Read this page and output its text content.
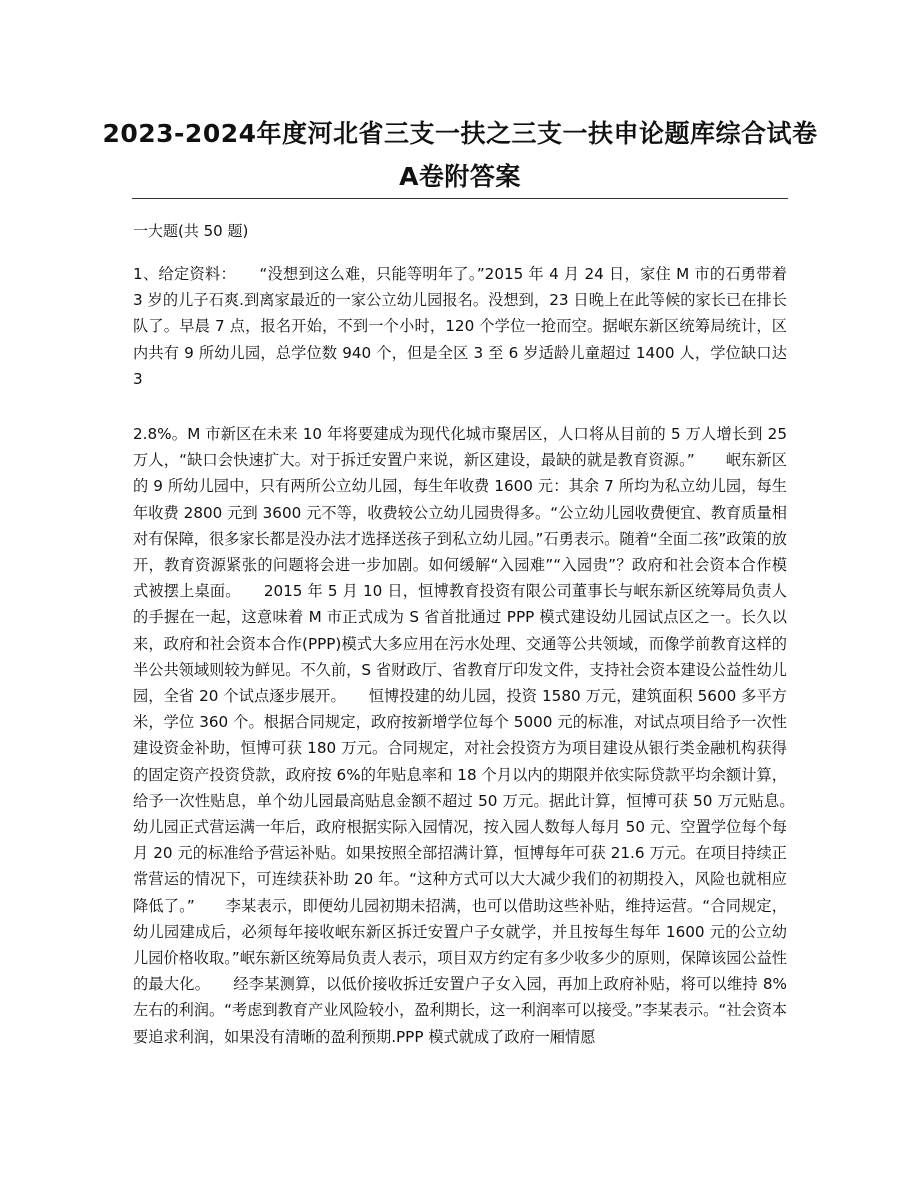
2023-2024年度河北省三支一扶之三支一扶申论题库综合试卷A卷附答案
一大题(共 50 题)
1、给定资料：　　“没想到这么难，只能等明年了。”2015 年 4 月 24 日，家住 M 市的石勇带着 3 岁的儿子石爽.到离家最近的一家公立幼儿园报名。没想到，23 日晚上在此等候的家长已在排长队了。早晨 7 点，报名开始，不到一个小时，120 个学位一抢而空。据岷东新区统筹局统计，区内共有 9 所幼儿园，总学位数 940 个，但是全区 3 至 6 岁适龄儿童超过 1400 人，学位缺口达 3
2.8%。M 市新区在未来 10 年将要建成为现代化城市聚居区，人口将从目前的 5 万人增长到 25 万人，“缺口会快速扩大。对于拆迁安置户来说，新区建设，最缺的就是教育资源。”　　岷东新区的 9 所幼儿园中，只有两所公立幼儿园，每生年收费 1600 元：其余 7 所均为私立幼儿园，每生年收费 2800 元到 3600 元不等，收费较公立幼儿园贵得多。“公立幼儿园收费便宜、教育质量相对有保障，很多家长都是没办法才选择送孩子到私立幼儿园。”石勇表示。随着“全面二孩”政策的放开，教育资源紧张的问题将会进一步加剧。如何缓解“入园难”“入园贵”？政府和社会资本合作模式被摆上桌面。　　2015 年 5 月 10 日，恒博教育投资有限公司董事长与岷东新区统筹局负责人的手握在一起，这意味着 M 市正式成为 S 省首批通过 PPP 模式建设幼儿园试点区之一。长久以来，政府和社会资本合作(PPP)模式大多应用在污水处理、交通等公共领域，而像学前教育这样的半公共领域则较为鲜见。不久前，S 省财政厅、省教育厅印发文件，支持社会资本建设公益性幼儿园，全省 20 个试点逐步展开。　　恒博投建的幼儿园，投资 1580 万元，建筑面积 5600 多平方米，学位 360 个。根据合同规定，政府按新增学位每个 5000 元的标准，对试点项目给予一次性建设资金补助，恒博可获 180 万元。合同规定，对社会投资方为项目建设从银行类金融机构获得的固定资产投资贷款，政府按 6%的年贴息率和 18 个月以内的期限并依实际贷款平均余额计算，给予一次性贴息，单个幼儿园最高贴息金额不超过 50 万元。据此计算，恒博可获 50 万元贴息。　　幼儿园正式营运满一年后，政府根据实际入园情况，按入园人数每人每月 50 元、空置学位每个每月 20 元的标准给予营运补贴。如果按照全部招满计算，恒博每年可获 21.6 万元。在项目持续正常营运的情况下，可连续获补助 20 年。“这种方式可以大大减少我们的初期投入，风险也就相应降低了。”　　李某表示，即便幼儿园初期未招满，也可以借助这些补贴，维持运营。“合同规定，幼儿园建成后，必须每年接收岷东新区拆迁安置户子女就学，并且按每生每年 1600 元的公立幼儿园价格收取。”岷东新区统筹局负责人表示，项目双方约定有多少收多少的原则，保障该园公益性的最大化。　　经李某测算，以低价接收拆迁安置户子女入园，再加上政府补贴，将可以维持 8%左右的利润。“考虑到教育产业风险较小，盈利期长，这一利润率可以接受。”李某表示。“社会资本要追求利润，如果没有清晰的盈利预期.PPP 模式就成了政府一厢情愿
